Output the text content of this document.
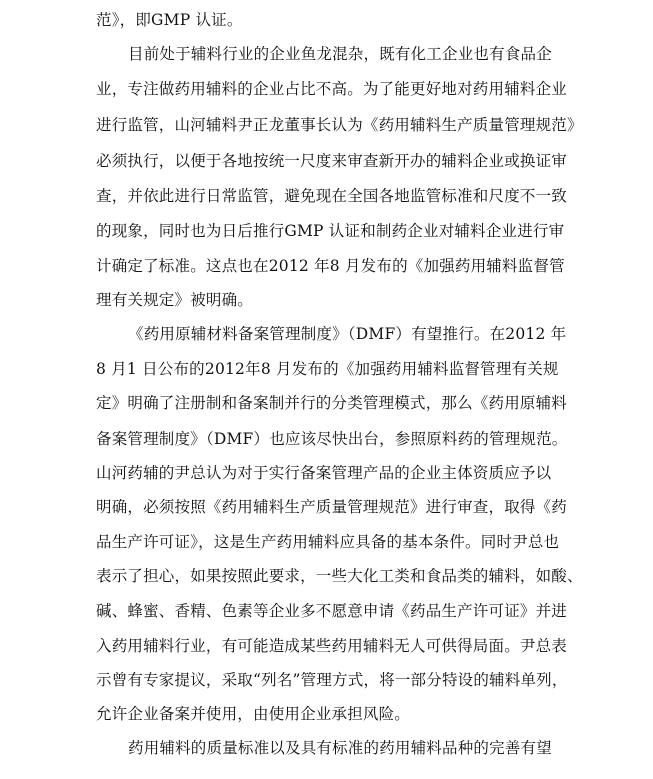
范》，即GMP 认证。
目前处于辅料行业的企业鱼龙混杂，既有化工企业也有食品企
业，专注做药用辅料的企业占比不高。为了能更好地对药用辅料企业
进行监管，山河辅料尹正龙董事长认为《药用辅料生产质量管理规范》
必须执行，以便于各地按统一尺度来审查新开办的辅料企业或换证审
查，并依此进行日常监管，避免现在全国各地监管标准和尺度不一致
的现象，同时也为日后推行GMP 认证和制药企业对辅料企业进行审
计确定了标准。这点也在2012 年8 月发布的《加强药用辅料监督管
理有关规定》被明确。
《药用原辅材料备案管理制度》（DMF）有望推行。在2012 年
8 月1 日公布的2012年8 月发布的《加强药用辅料监督管理有关规
定》明确了注册制和备案制并行的分类管理模式，那么《药用原辅料
备案管理制度》（DMF）也应该尽快出台，参照原料药的管理规范。
山河药辅的尹总认为对于实行备案管理产品的企业主体资质应予以
明确，必须按照《药用辅料生产质量管理规范》进行审查，取得《药
品生产许可证》，这是生产药用辅料应具备的基本条件。同时尹总也
表示了担心，如果按照此要求，一些大化工类和食品类的辅料，如酸、
碱、蜂蜜、香精、色素等企业多不愿意申请《药品生产许可证》并进
入药用辅料行业，有可能造成某些药用辅料无人可供得局面。尹总表
示曾有专家提议，采取“列名”管理方式，将一部分特设的辅料单列，
允许企业备案并使用，由使用企业承担风险。
药用辅料的质量标准以及具有标准的药用辅料品种的完善有望
